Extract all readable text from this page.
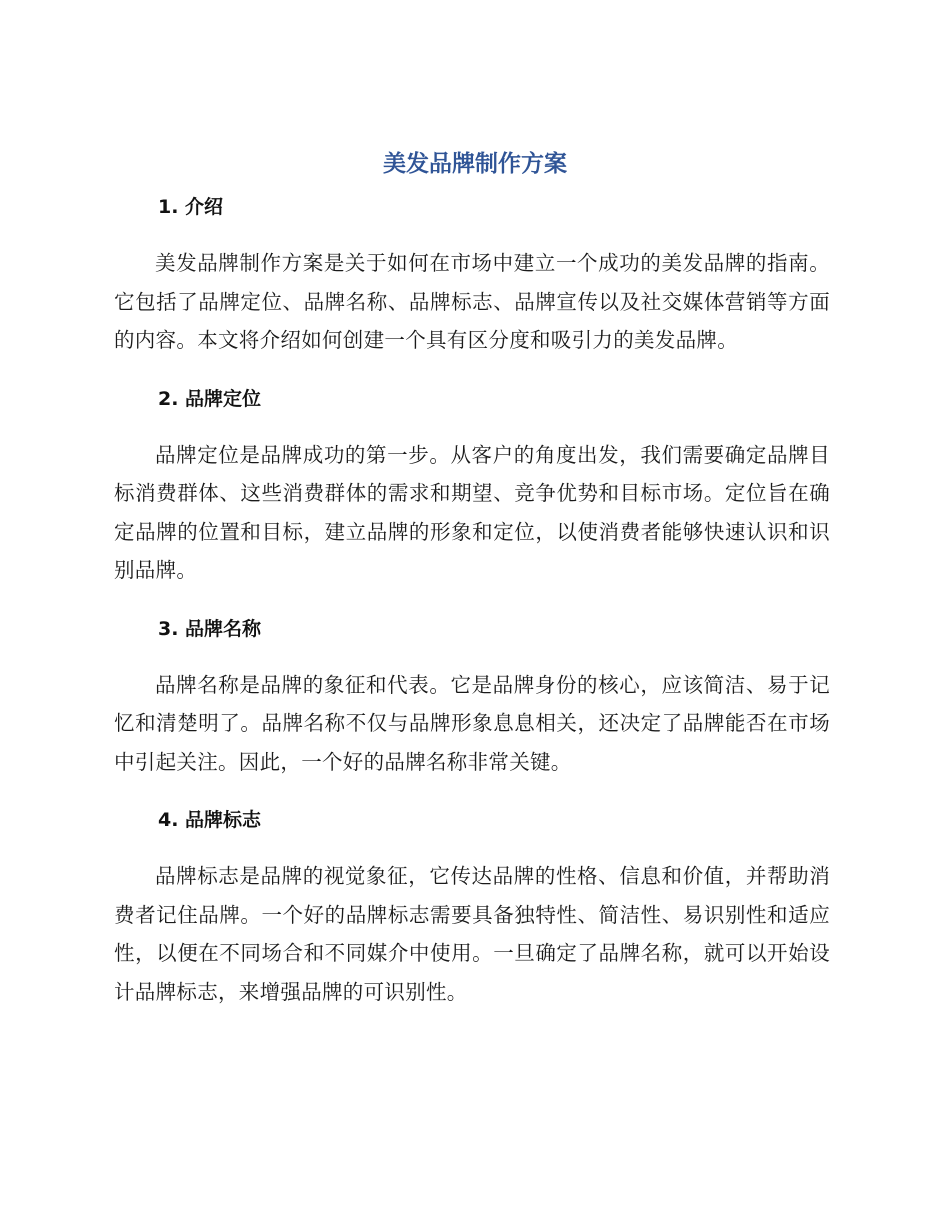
美发品牌制作方案
1. 介绍

美发品牌制作方案是关于如何在市场中建立一个成功的美发品牌的指南。它包括了品牌定位、品牌名称、品牌标志、品牌宣传以及社交媒体营销等方面的内容。本文将介绍如何创建一个具有区分度和吸引力的美发品牌。

2. 品牌定位

品牌定位是品牌成功的第一步。从客户的角度出发，我们需要确定品牌目标消费群体、这些消费群体的需求和期望、竞争优势和目标市场。定位旨在确定品牌的位置和目标，建立品牌的形象和定位，以使消费者能够快速认识和识别品牌。

3. 品牌名称

品牌名称是品牌的象征和代表。它是品牌身份的核心，应该简洁、易于记忆和清楚明了。品牌名称不仅与品牌形象息息相关，还决定了品牌能否在市场中引起关注。因此，一个好的品牌名称非常关键。

4. 品牌标志

品牌标志是品牌的视觉象征，它传达品牌的性格、信息和价值，并帮助消费者记住品牌。一个好的品牌标志需要具备独特性、简洁性、易识别性和适应性，以便在不同场合和不同媒介中使用。一旦确定了品牌名称，就可以开始设计品牌标志，来增强品牌的可识别性。
